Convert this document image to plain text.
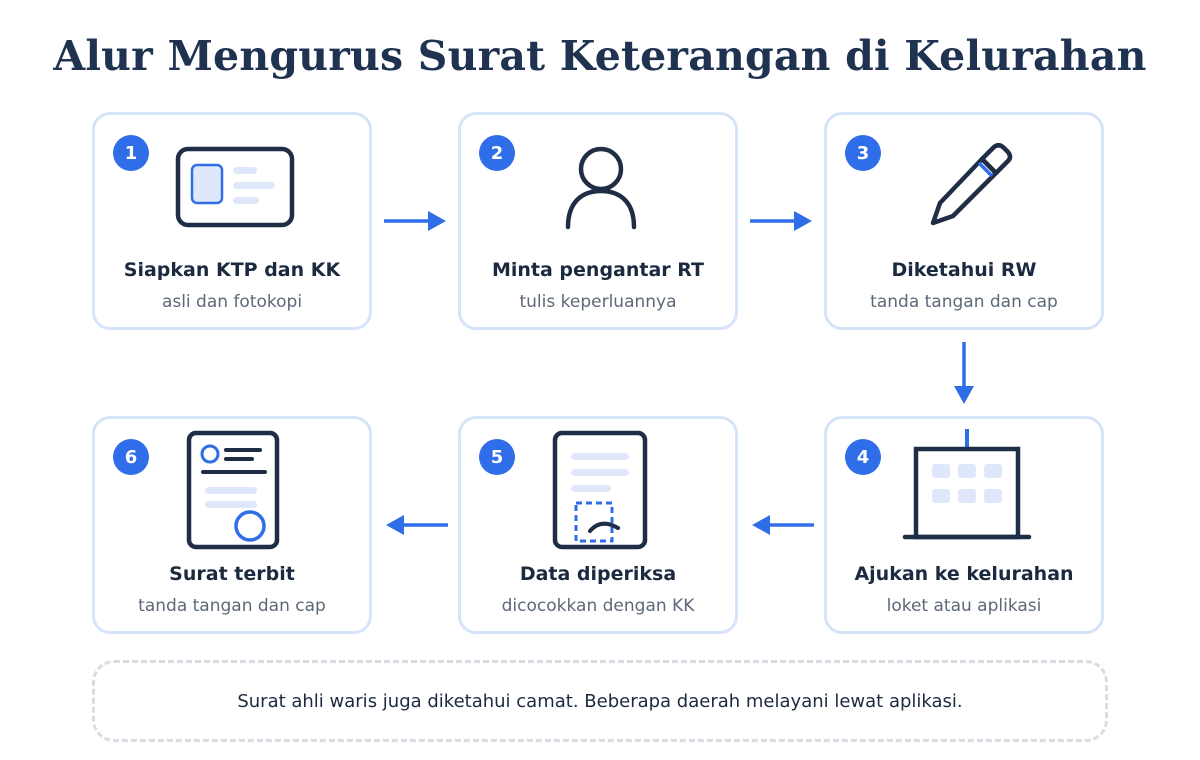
Alur Mengurus Surat Keterangan di Kelurahan
1
Siapkan KTP dan KK
asli dan fotokopi
2
Minta pengantar RT
tulis keperluannya
3
Diketahui RW
tanda tangan dan cap
4
Ajukan ke kelurahan
loket atau aplikasi
5
Data diperiksa
dicocokkan dengan KK
6
Surat terbit
tanda tangan dan cap
Surat ahli waris juga diketahui camat. Beberapa daerah melayani lewat aplikasi.
